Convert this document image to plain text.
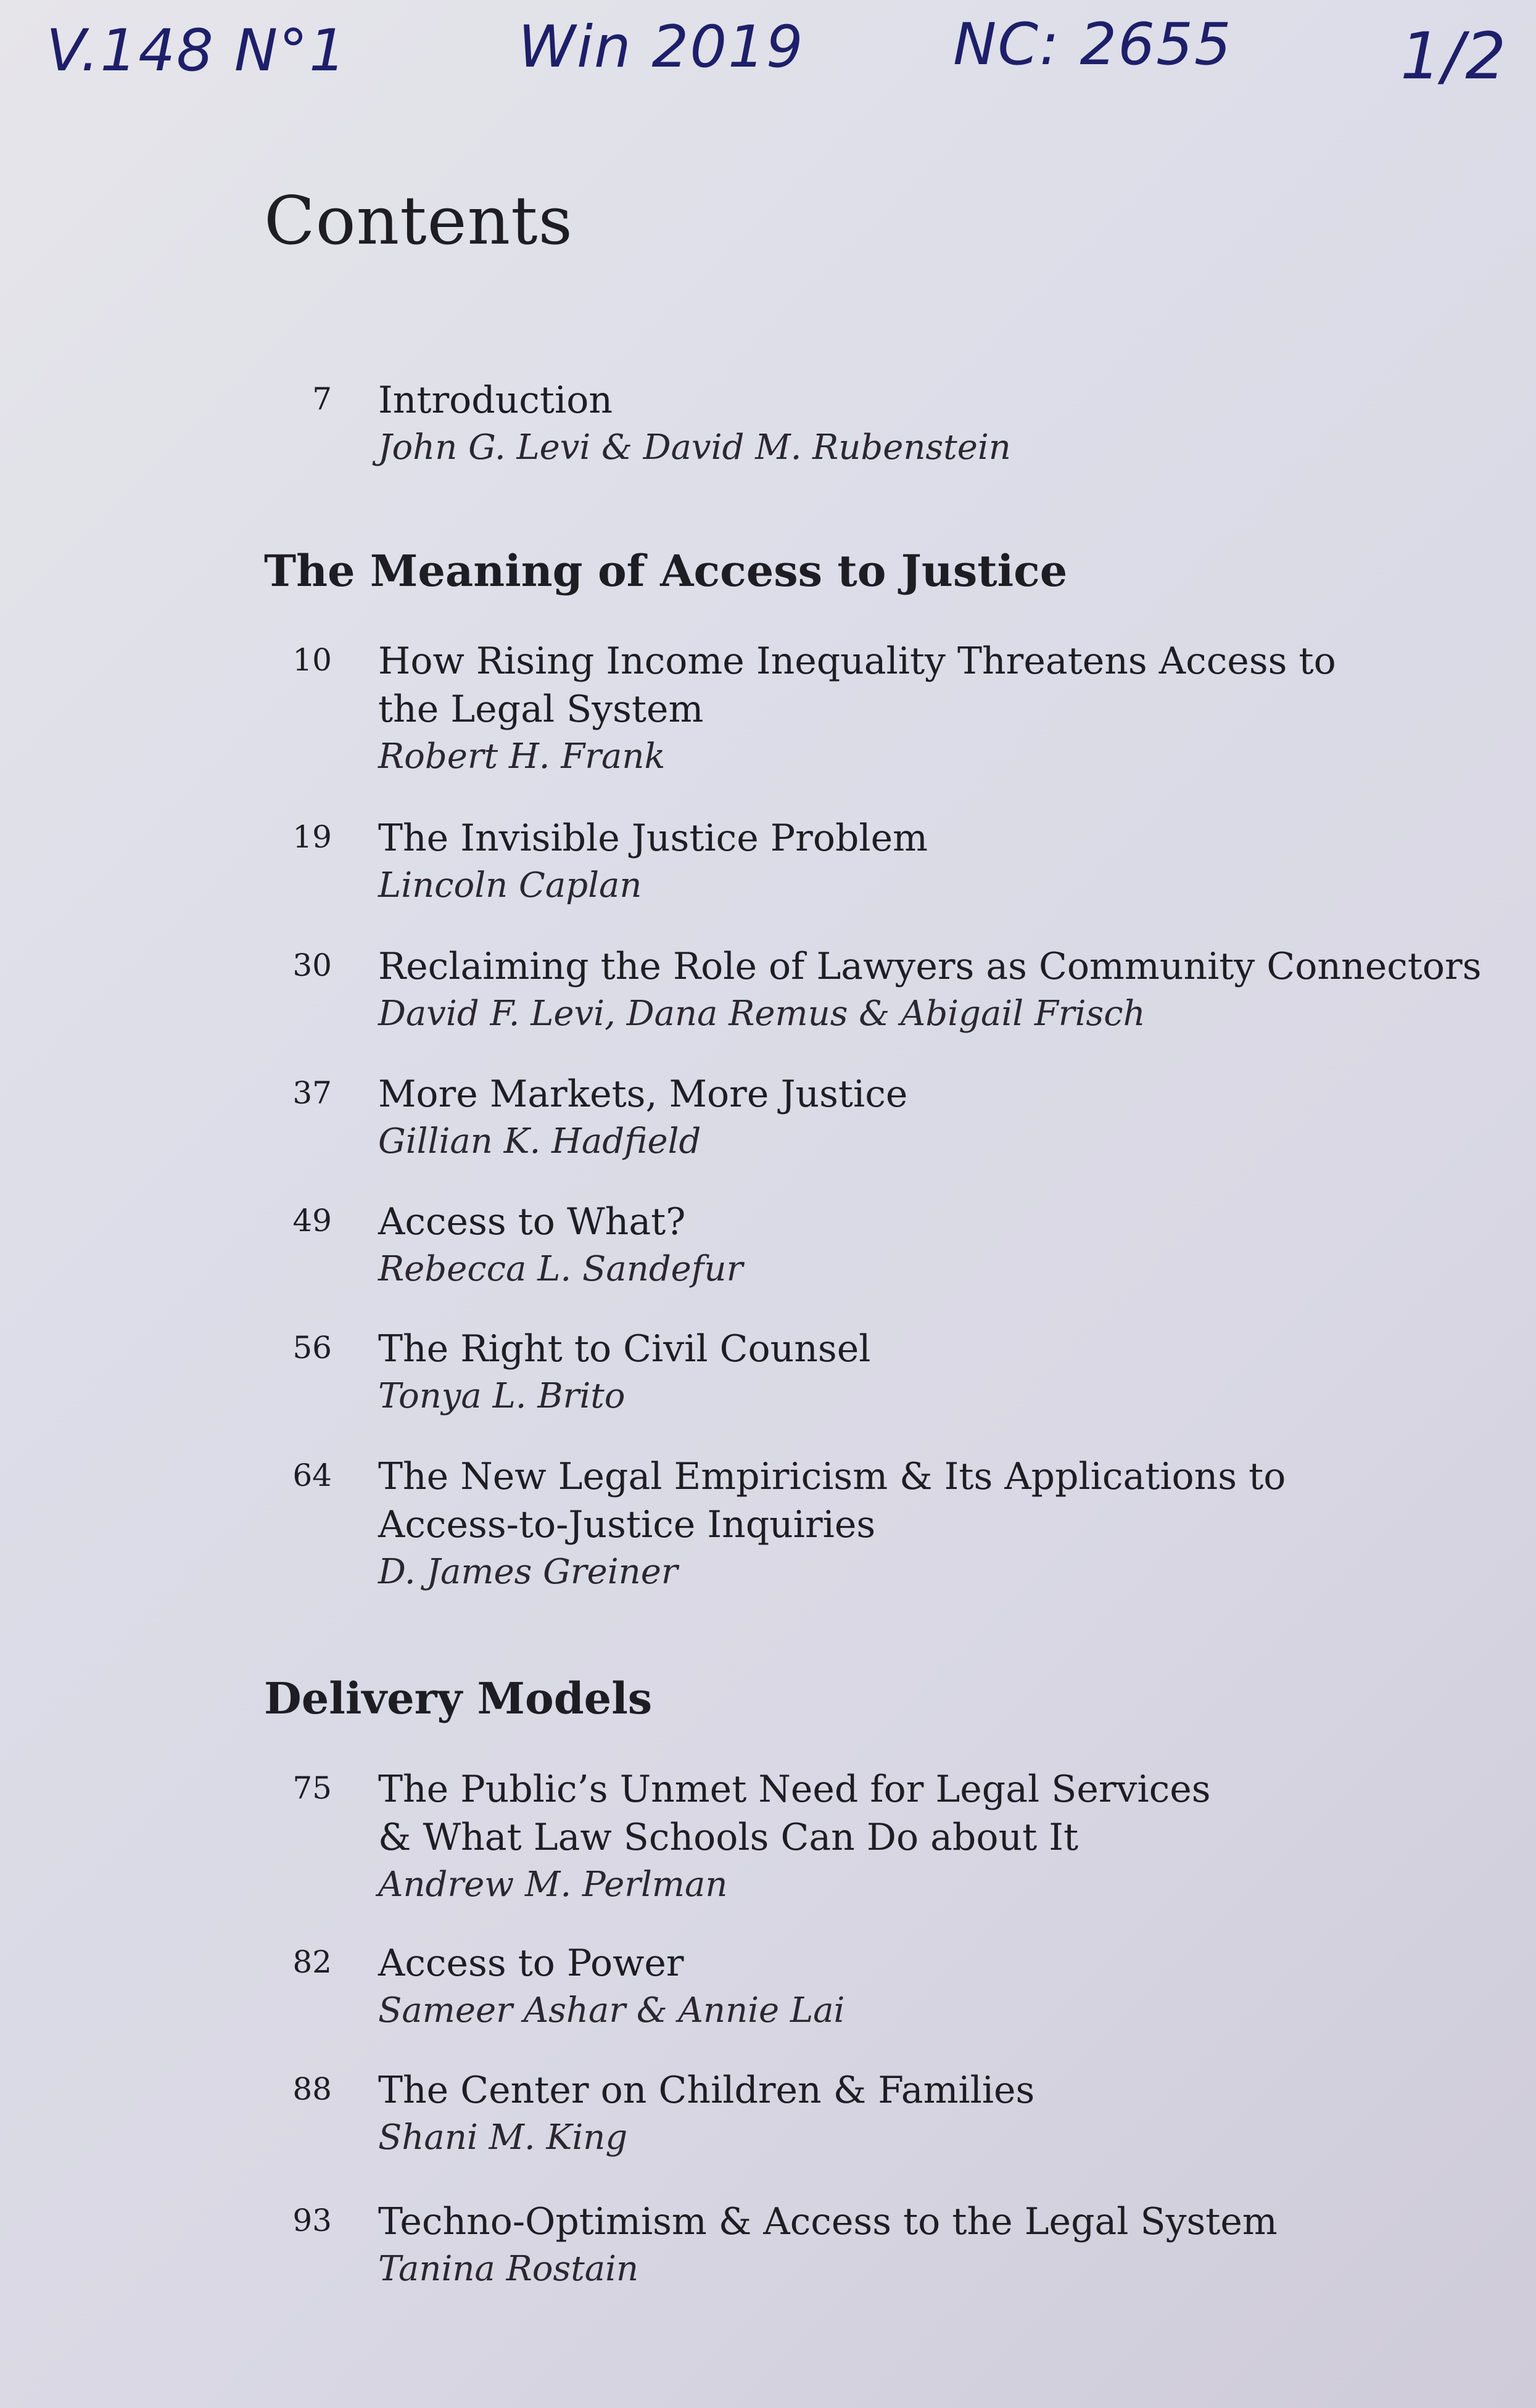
V.148 N°1	Win 2019	NC: 2655	1/2
Contents
7 Introduction
John G. Levi & David M. Rubenstein
The Meaning of Access to Justice
10 How Rising Income Inequality Threatens Access to
the Legal System
Robert H. Frank
19 The Invisible Justice Problem
Lincoln Caplan
30 Reclaiming the Role of Lawyers as Community Connectors
David F. Levi, Dana Remus & Abigail Frisch
37 More Markets, More Justice
Gillian K. Hadfield
49 Access to What?
Rebecca L. Sandefur
56 The Right to Civil Counsel
Tonya L. Brito
64 The New Legal Empiricism & Its Applications to
Access-to-Justice Inquiries
D. James Greiner
Delivery Models
75 The Public’s Unmet Need for Legal Services
& What Law Schools Can Do about It
Andrew M. Perlman
82 Access to Power
Sameer Ashar & Annie Lai
88 The Center on Children & Families
Shani M. King
93 Techno-Optimism & Access to the Legal System
Tanina Rostain
